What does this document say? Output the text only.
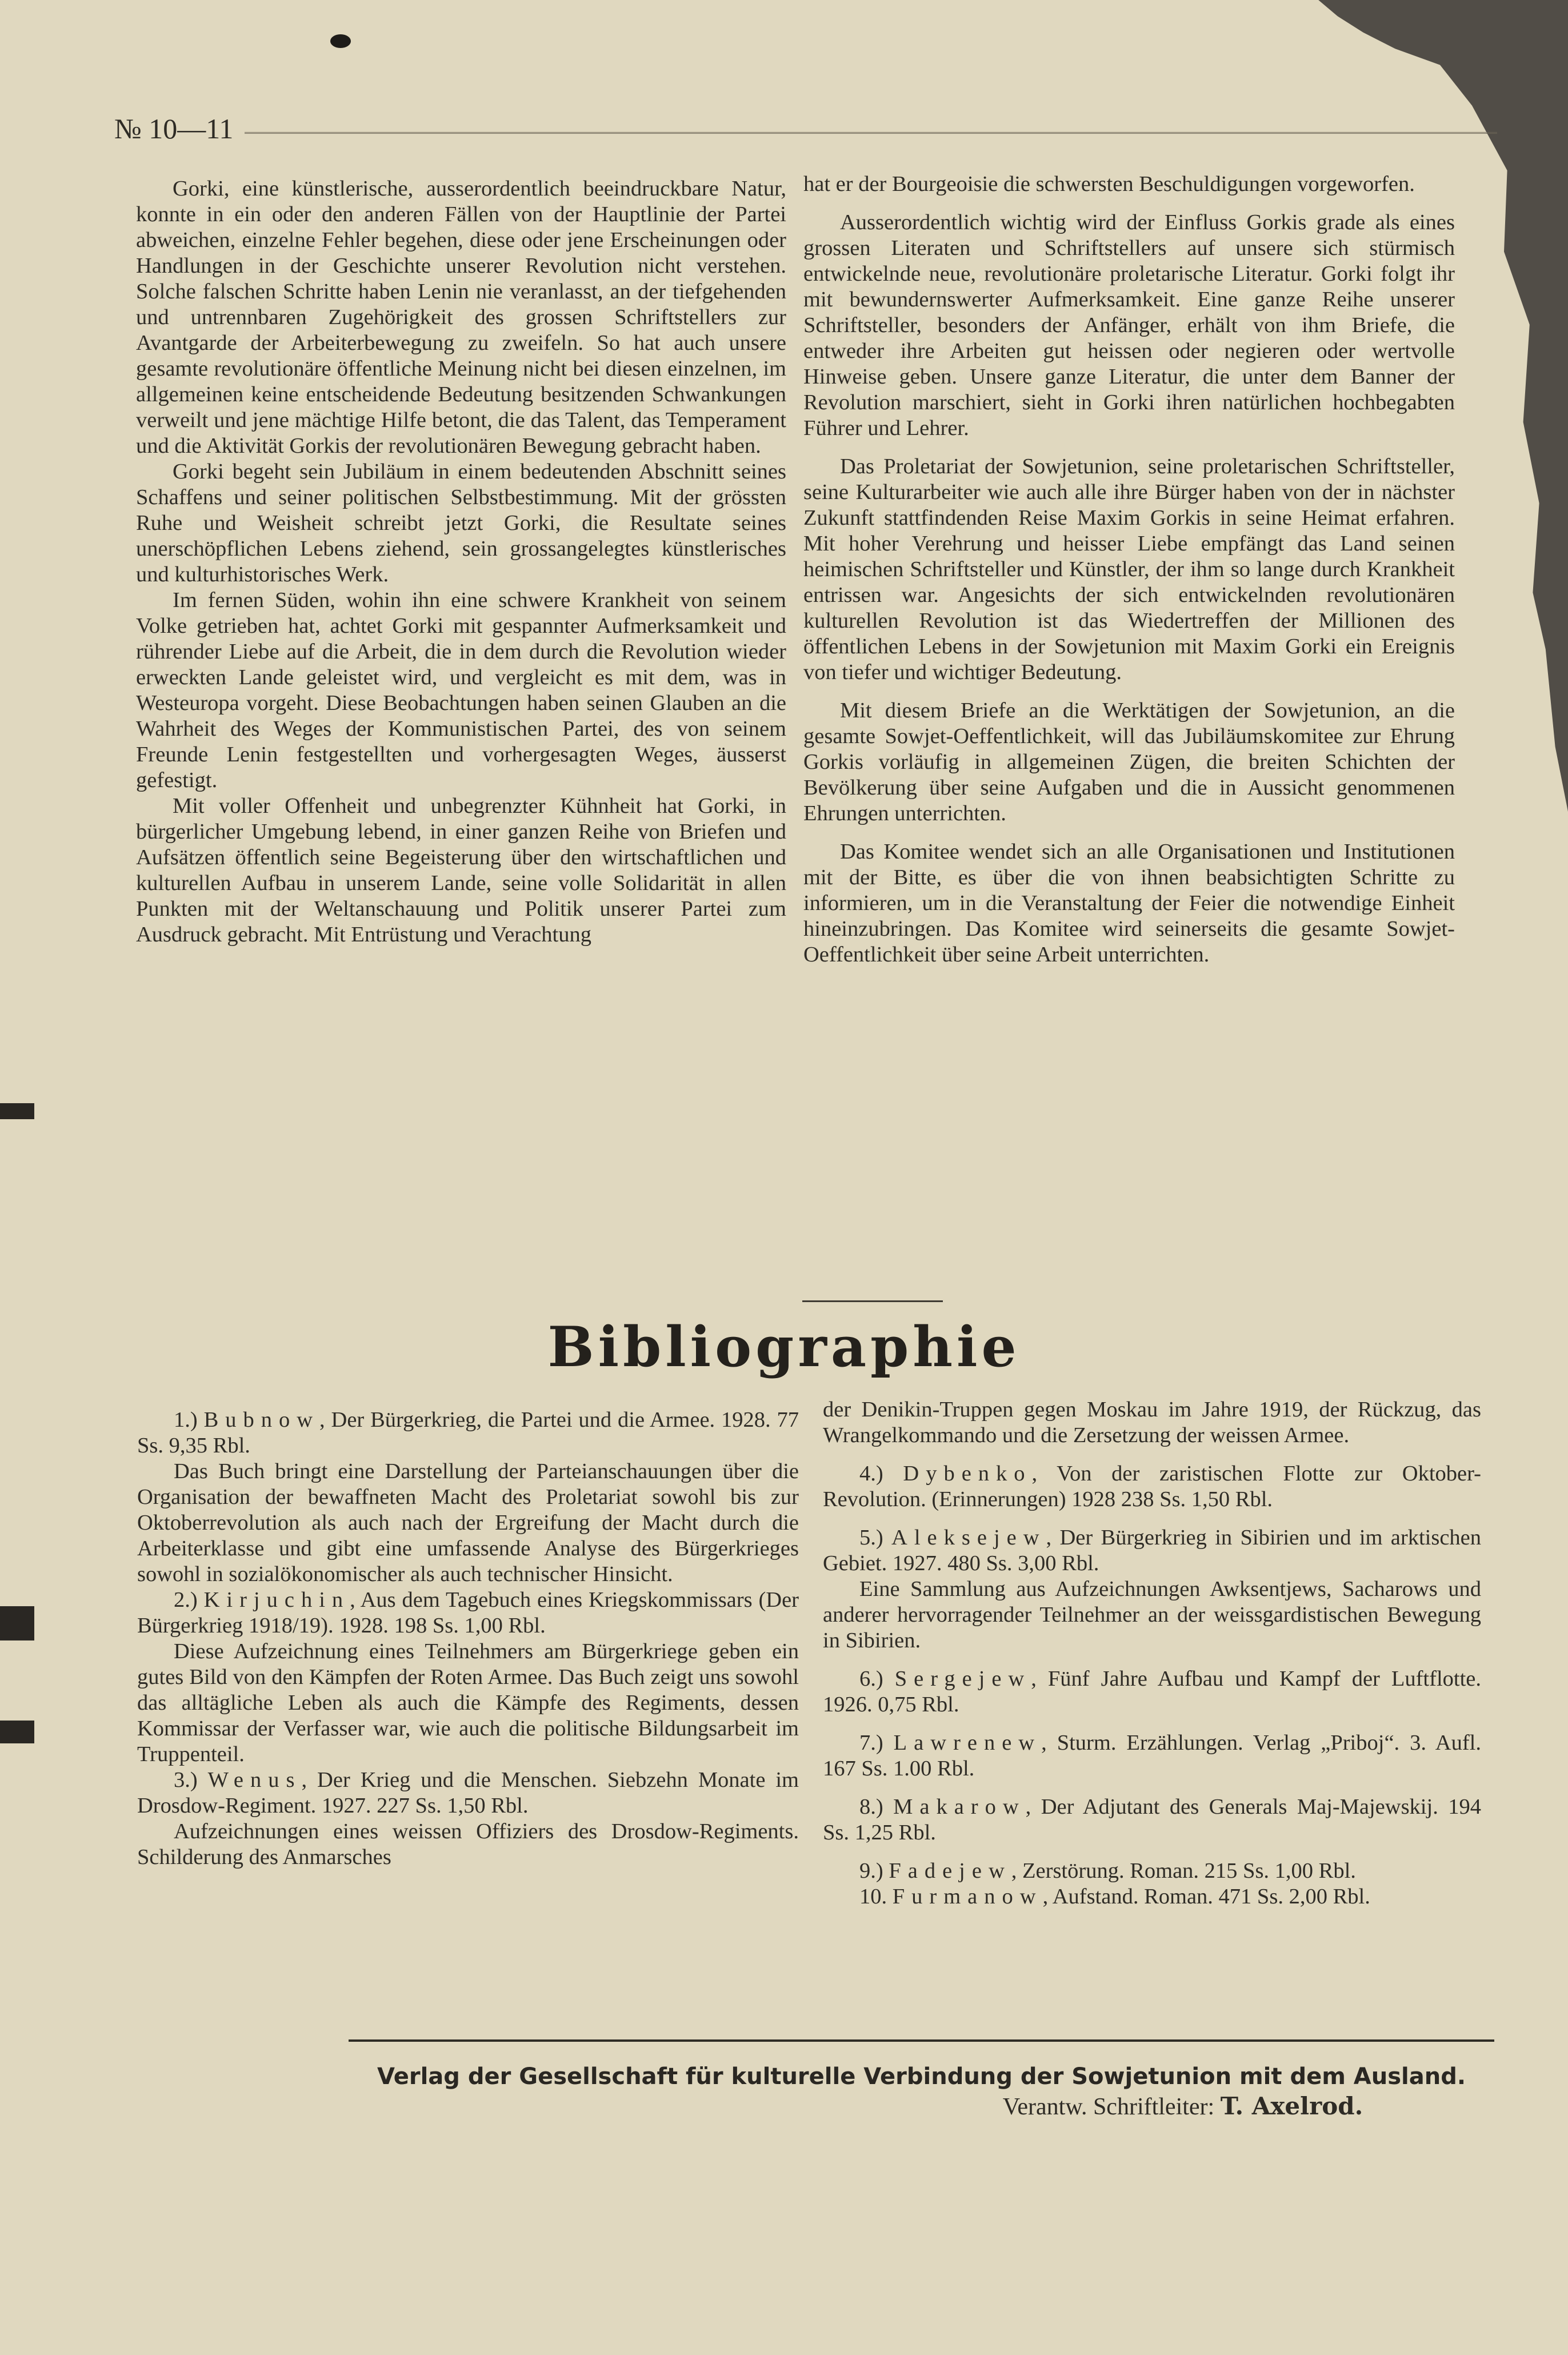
№ 10—11

Gorki, eine künstlerische, ausserordentlich beeindruckbare Natur, konnte in ein oder den anderen Fällen von der Hauptlinie der Partei abweichen, einzelne Fehler begehen, diese oder jene Erscheinungen oder Handlungen in der Geschichte unserer Revolution nicht verstehen. Solche falschen Schritte haben Lenin nie veranlasst, an der tiefgehenden und untrennbaren Zugehörigkeit des grossen Schriftstellers zur Avantgarde der Arbeiterbewegung zu zweifeln. So hat auch unsere gesamte revolutionäre öffentliche Meinung nicht bei diesen einzelnen, im allgemeinen keine entscheidende Bedeutung besitzenden Schwankungen verweilt und jene mächtige Hilfe betont, die das Talent, das Temperament und die Aktivität Gorkis der revolutionären Bewegung gebracht haben.

Gorki begeht sein Jubiläum in einem bedeutenden Abschnitt seines Schaffens und seiner politischen Selbstbestimmung. Mit der grössten Ruhe und Weisheit schreibt jetzt Gorki, die Resultate seines unerschöpflichen Lebens ziehend, sein grossangelegtes künstlerisches und kulturhistorisches Werk.

Im fernen Süden, wohin ihn eine schwere Krankheit von seinem Volke getrieben hat, achtet Gorki mit gespannter Aufmerksamkeit und rührender Liebe auf die Arbeit, die in dem durch die Revolution wieder erweckten Lande geleistet wird, und vergleicht es mit dem, was in Westeuropa vorgeht. Diese Beobachtungen haben seinen Glauben an die Wahrheit des Weges der Kommunistischen Partei, des von seinem Freunde Lenin festgestellten und vorhergesagten Weges, äusserst gefestigt.

Mit voller Offenheit und unbegrenzter Kühnheit hat Gorki, in bürgerlicher Umgebung lebend, in einer ganzen Reihe von Briefen und Aufsätzen öffentlich seine Begeisterung über den wirtschaftlichen und kulturellen Aufbau in unserem Lande, seine volle Solidarität in allen Punkten mit der Weltanschauung und Politik unserer Partei zum Ausdruck gebracht. Mit Entrüstung und Verachtung

hat er der Bourgeoisie die schwersten Beschuldigungen vorgeworfen.

Ausserordentlich wichtig wird der Einfluss Gorkis grade als eines grossen Literaten und Schriftstellers auf unsere sich stürmisch entwickelnde neue, revolutionäre proletarische Literatur. Gorki folgt ihr mit bewundernswerter Aufmerksamkeit. Eine ganze Reihe unserer Schriftsteller, besonders der Anfänger, erhält von ihm Briefe, die entweder ihre Arbeiten gut heissen oder negieren oder wertvolle Hinweise geben. Unsere ganze Literatur, die unter dem Banner der Revolution marschiert, sieht in Gorki ihren natürlichen hochbegabten Führer und Lehrer.

Das Proletariat der Sowjetunion, seine proletarischen Schriftsteller, seine Kulturarbeiter wie auch alle ihre Bürger haben von der in nächster Zukunft stattfindenden Reise Maxim Gorkis in seine Heimat erfahren. Mit hoher Verehrung und heisser Liebe empfängt das Land seinen heimischen Schriftsteller und Künstler, der ihm so lange durch Krankheit entrissen war. Angesichts der sich entwickelnden revolutionären kulturellen Revolution ist das Wiedertreffen der Millionen des öffentlichen Lebens in der Sowjetunion mit Maxim Gorki ein Ereignis von tiefer und wichtiger Bedeutung.

Mit diesem Briefe an die Werktätigen der Sowjetunion, an die gesamte Sowjet-Oeffentlichkeit, will das Jubiläumskomitee zur Ehrung Gorkis vorläufig in allgemeinen Zügen, die breiten Schichten der Bevölkerung über seine Aufgaben und die in Aussicht genommenen Ehrungen unterrichten.

Das Komitee wendet sich an alle Organisationen und Institutionen mit der Bitte, es über die von ihnen beabsichtigten Schritte zu informieren, um in die Veranstaltung der Feier die notwendige Einheit hineinzubringen. Das Komitee wird seinerseits die gesamte Sowjet-Oeffentlichkeit über seine Arbeit unterrichten.

Bibliographie

1.) Bubnow, Der Bürgerkrieg, die Partei und die Armee. 1928. 77 Ss. 9,35 Rbl.

Das Buch bringt eine Darstellung der Parteianschauungen über die Organisation der bewaffneten Macht des Proletariat sowohl bis zur Oktoberrevolution als auch nach der Ergreifung der Macht durch die Arbeiterklasse und gibt eine umfassende Analyse des Bürgerkrieges sowohl in sozialökonomischer als auch technischer Hinsicht.

2.) Kirjuchin, Aus dem Tagebuch eines Kriegskommissars (Der Bürgerkrieg 1918/19). 1928. 198 Ss. 1,00 Rbl.

Diese Aufzeichnung eines Teilnehmers am Bürgerkriege geben ein gutes Bild von den Kämpfen der Roten Armee. Das Buch zeigt uns sowohl das alltägliche Leben als auch die Kämpfe des Regiments, dessen Kommissar der Verfasser war, wie auch die politische Bildungsarbeit im Truppenteil.

3.) Wenus, Der Krieg und die Menschen. Siebzehn Monate im Drosdow-Regiment. 1927. 227 Ss. 1,50 Rbl.

Aufzeichnungen eines weissen Offiziers des Drosdow-Regiments. Schilderung des Anmarsches

der Denikin-Truppen gegen Moskau im Jahre 1919, der Rückzug, das Wrangelkommando und die Zersetzung der weissen Armee.

4.) Dybenko, Von der zaristischen Flotte zur Oktober-Revolution. (Erinnerungen) 1928 238 Ss. 1,50 Rbl.

5.) Aleksejew, Der Bürgerkrieg in Sibirien und im arktischen Gebiet. 1927. 480 Ss. 3,00 Rbl.

Eine Sammlung aus Aufzeichnungen Awksentjews, Sacharows und anderer hervorragender Teilnehmer an der weissgardistischen Bewegung in Sibirien.

6.) Sergejew, Fünf Jahre Aufbau und Kampf der Luftflotte. 1926. 0,75 Rbl.

7.) Lawrenew, Sturm. Erzählungen. Verlag „Priboj“. 3. Aufl. 167 Ss. 1.00 Rbl.

8.) Makarow, Der Adjutant des Generals Maj-Majewskij. 194 Ss. 1,25 Rbl.

9.) Fadejew, Zerstörung. Roman. 215 Ss. 1,00 Rbl.

10. Furmanow, Aufstand. Roman. 471 Ss. 2,00 Rbl.

Verlag der Gesellschaft für kulturelle Verbindung der Sowjetunion mit dem Ausland.
Verantw. Schriftleiter: T. Axelrod.
